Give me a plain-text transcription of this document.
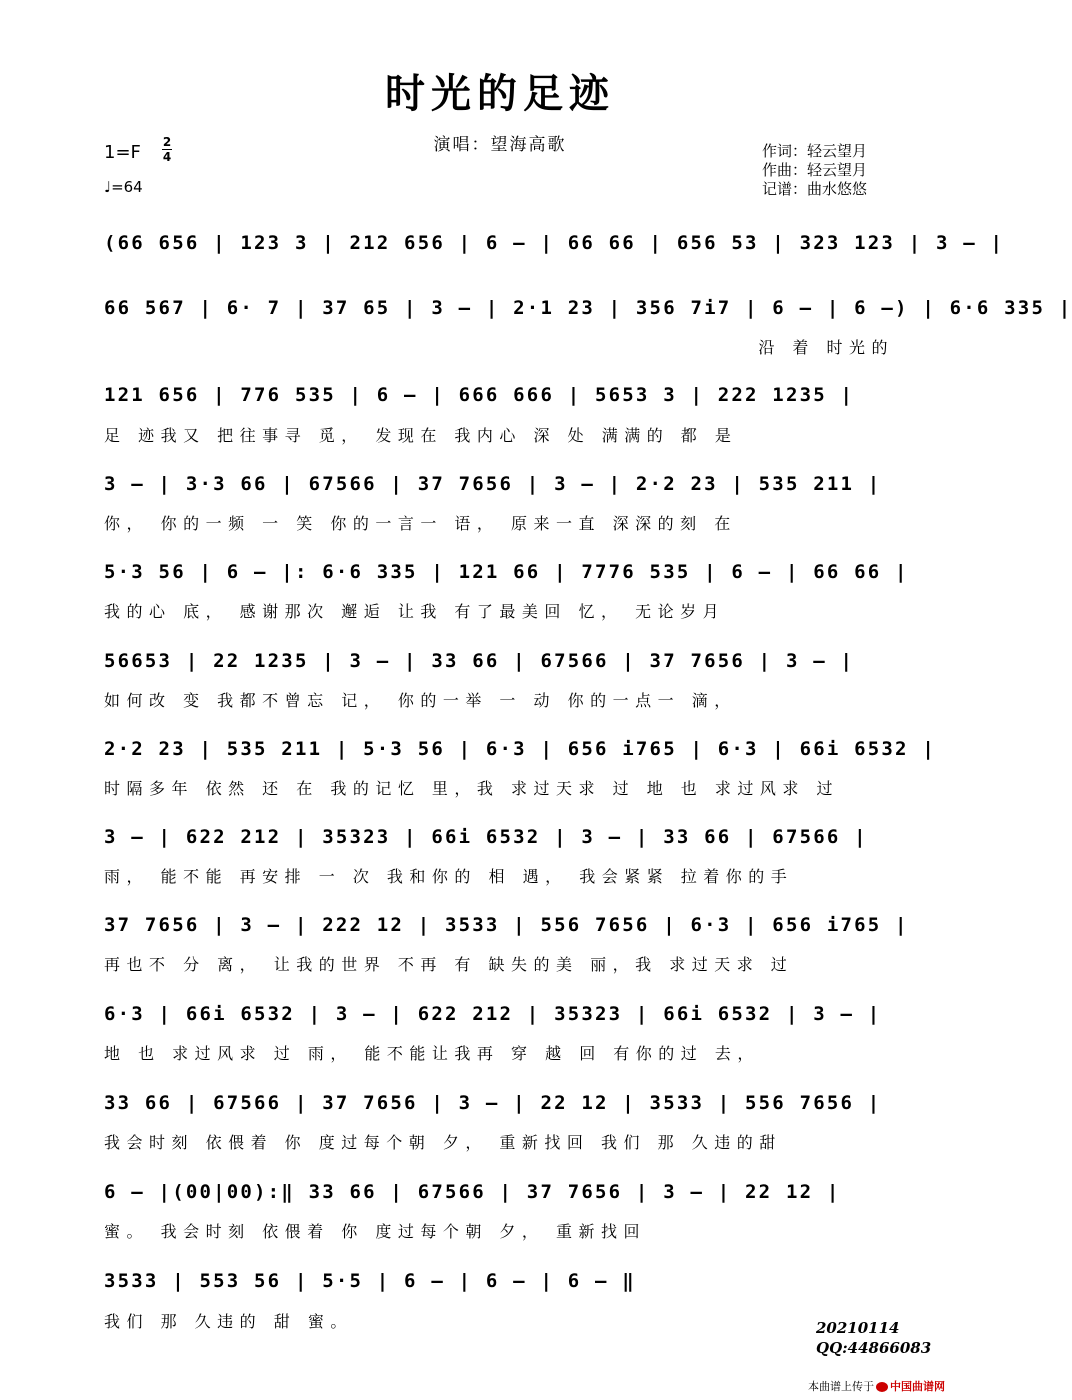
时光的足迹
演唱：望海高歌
1=F 2
4
♩=64
作词：轻云望月
作曲：轻云望月
记谱：曲水悠悠
(66 656 | 123 3 | 212 656 | 6 – | 66 66 | 656 53 | 323 123 | 3 – |
66 567 | 6· 7 | 37 65 | 3 – | 2·1 23 | 356 7i7 | 6 – | 6 –) | 6·6 335 |
沿 着 时光的
121 656 | 776 535 | 6 – | 666 666 | 5653 3 | 222 1235 |
足 迹我又 把往事寻 觅， 发现在 我内心 深 处 满满的 都 是
3 – | 3·3 66 | 67566 | 37 7656 | 3 – | 2·2 23 | 535 211 |
你， 你的一频 一 笑 你的一言一 语， 原来一直 深深的刻 在
5·3 56 | 6 – |: 6·6 335 | 121 66 | 7776 535 | 6 – | 66 66 |
我的心 底， 感谢那次 邂逅 让我 有了最美回 忆， 无论岁月
56653 | 22 1235 | 3 – | 33 66 | 67566 | 37 7656 | 3 – |
如何改 变 我都不曾忘 记， 你的一举 一 动 你的一点一 滴，
2·2 23 | 535 211 | 5·3 56 | 6·3 | 656 i765 | 6·3 | 66i 6532 |
时隔多年 依然 还 在 我的记忆 里，我 求过天求 过 地 也 求过风求 过
3 – | 622 212 | 35323 | 66i 6532 | 3 – | 33 66 | 67566 |
雨， 能不能 再安排 一 次 我和你的 相 遇， 我会紧紧 拉着你的手
37 7656 | 3 – | 222 12 | 3533 | 556 7656 | 6·3 | 656 i765 |
再也不 分 离， 让我的世界 不再 有 缺失的美 丽，我 求过天求 过
6·3 | 66i 6532 | 3 – | 622 212 | 35323 | 66i 6532 | 3 – |
地 也 求过风求 过 雨， 能不能让我再 穿 越 回 有你的过 去，
33 66 | 67566 | 37 7656 | 3 – | 22 12 | 3533 | 556 7656 |
我会时刻 依偎着 你 度过每个朝 夕， 重新找回 我们 那 久违的甜
6 – |(00|00):‖ 33 66 | 67566 | 37 7656 | 3 – | 22 12 |
蜜。 我会时刻 依偎着 你 度过每个朝 夕， 重新找回
3533 | 553 56 | 5·5 | 6 – | 6 – | 6 – ‖
我们 那 久违的 甜 蜜。	20210114
QQ:44866083
本曲谱上传于 中国曲谱网
